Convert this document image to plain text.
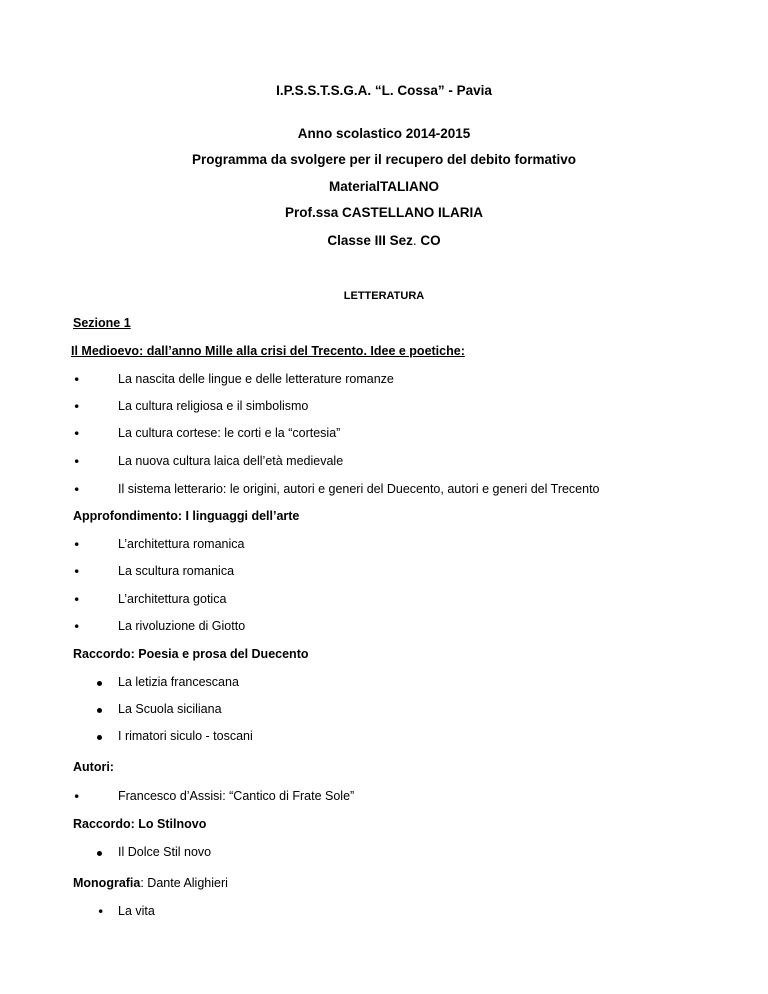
I.P.S.S.T.S.G.A. “L. Cossa” - Pavia
Anno scolastico 2014-2015
Programma da svolgere per il recupero del debito formativo
MaterialTALIANO
Prof.ssa CASTELLANO ILARIA
Classe III Sez. CO
LETTERATURA
Sezione 1
Il Medioevo: dall’anno Mille alla crisi del Trecento. Idee e poetiche:
•	La nascita delle lingue e delle letterature romanze
•	La cultura religiosa e il simbolismo
•	La cultura cortese: le corti e la “cortesia”
•	La nuova cultura laica dell’età medievale
•	Il sistema letterario: le origini, autori e generi del Duecento, autori e generi del Trecento
Approfondimento: I linguaggi dell’arte
•	L’architettura romanica
•	La scultura romanica
•	L’architettura gotica
•	La rivoluzione di Giotto
Raccordo: Poesia e prosa del Duecento
La letizia francescana
La Scuola siciliana
I rimatori siculo - toscani
Autori:
•	Francesco d’Assisi: “Cantico di Frate Sole”
Raccordo: Lo Stilnovo
Il Dolce Stil novo
Monografia: Dante Alighieri
• La vita
